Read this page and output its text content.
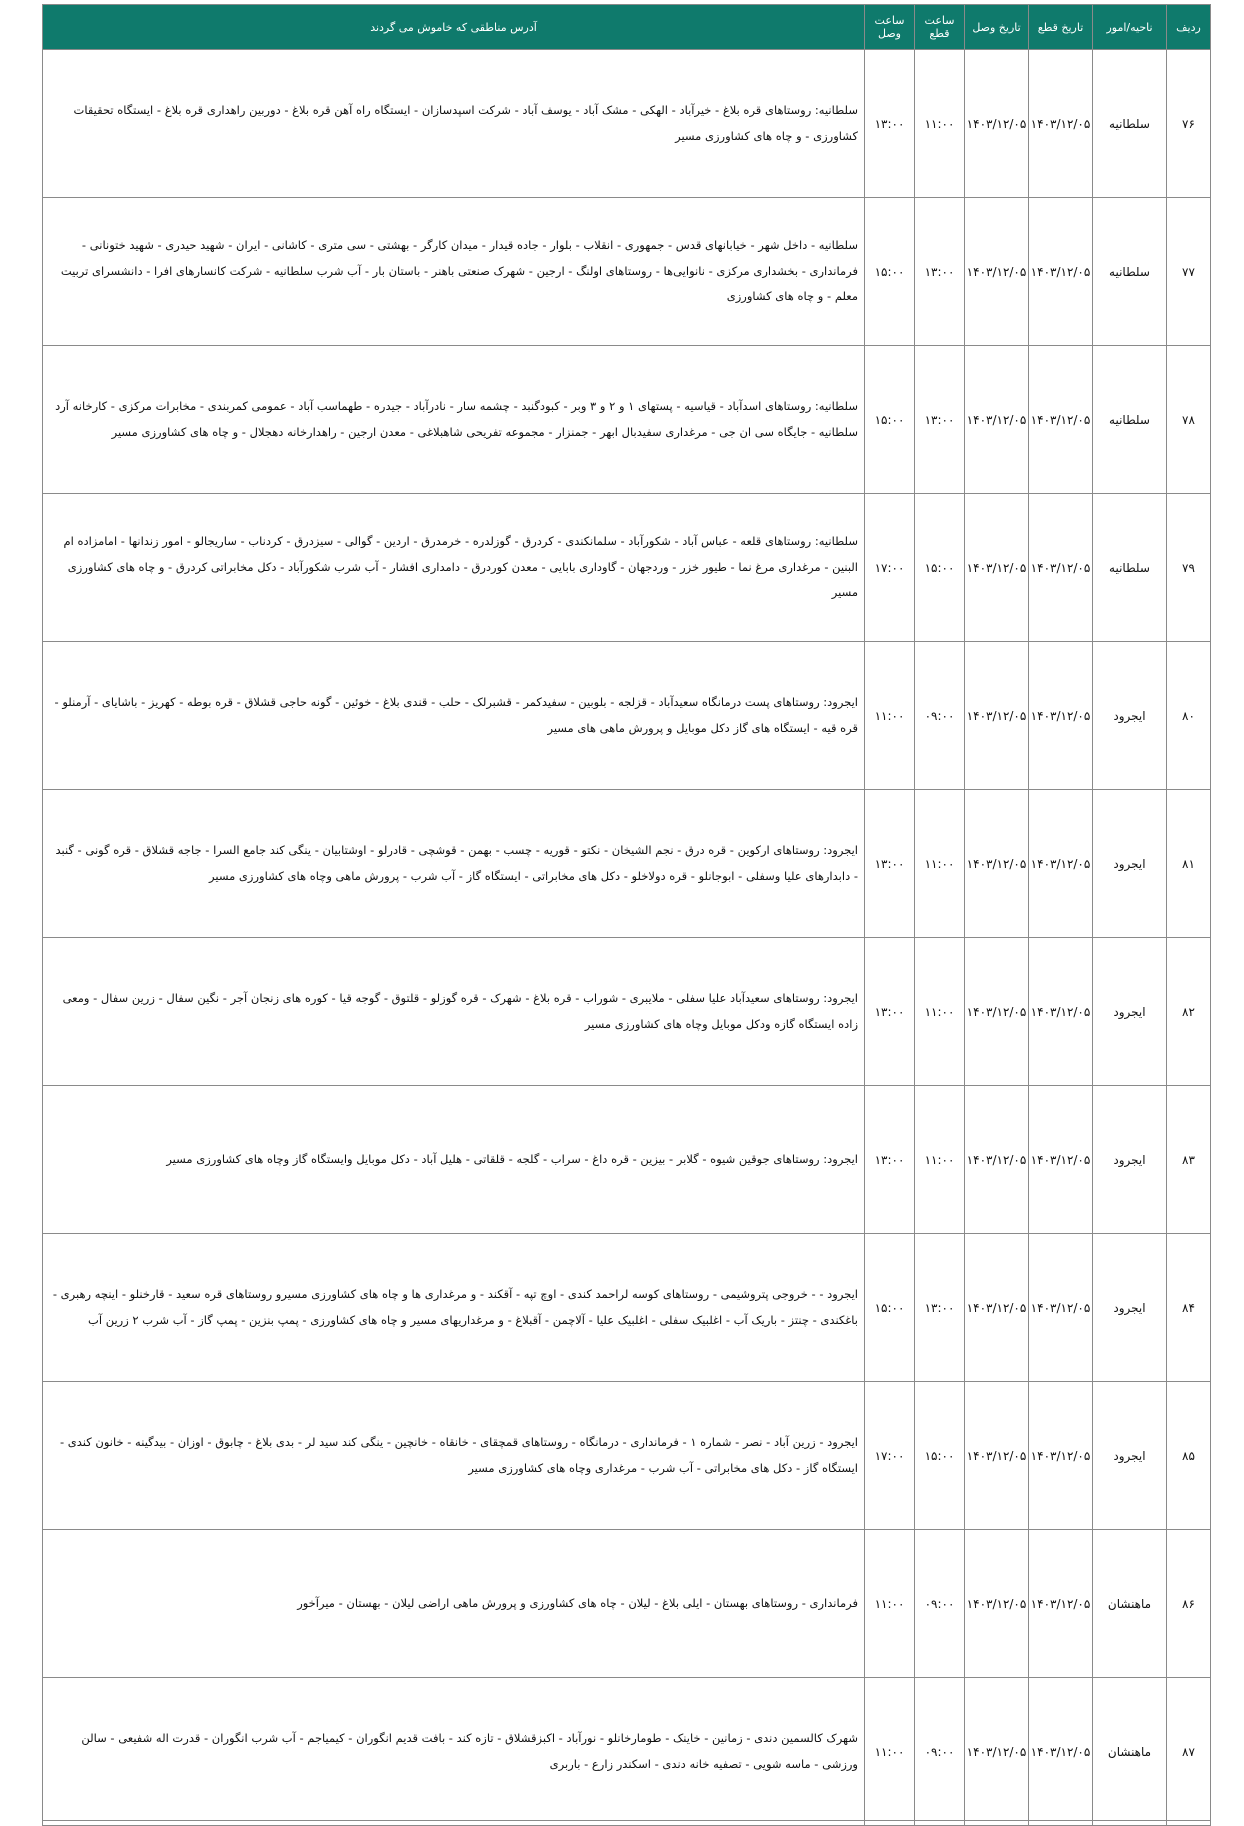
ردیف	ناحیه/امور	تاریخ قطع	تاریخ وصل	ساعت قطع	ساعت وصل	آدرس مناطقی که خاموش می گردند
۷۶	سلطانیه	۱۴۰۳/۱۲/۰۵	۱۴۰۳/۱۲/۰۵	۱۱:۰۰	۱۳:۰۰	سلطانیه: روستاهای قره بلاغ - خیرآباد - الهکی - مشک آباد - یوسف آباد - شرکت اسپدسازان - ایستگاه راه آهن قره بلاغ - دوربین راهداری قره بلاغ - ایستگاه تحقیقات کشاورزی - و چاه های کشاورزی مسیر
۷۷	سلطانیه	۱۴۰۳/۱۲/۰۵	۱۴۰۳/۱۲/۰۵	۱۳:۰۰	۱۵:۰۰	سلطانیه - داخل شهر - خیابانهای قدس - جمهوری - انقلاب - بلوار - جاده قیدار - میدان کارگر - بهشتی - سی متری - کاشانی - ایران - شهید حیدری - شهید ختونانی - فرمانداری - بخشداری مرکزی - نانوایی‌ها - روستاهای اولنگ - ارجین - شهرک صنعتی باهنر - باستان بار - آب شرب سلطانیه - شرکت کانسارهای افرا - دانشسرای تربیت معلم - و چاه های کشاورزی
۷۸	سلطانیه	۱۴۰۳/۱۲/۰۵	۱۴۰۳/۱۲/۰۵	۱۳:۰۰	۱۵:۰۰	سلطانیه: روستاهای اسدآباد - قیاسیه - پستهای ۱ و ۲ و ۳ وبر - کبودگنبد - چشمه سار - نادرآباد - جیدره - طهماسب آباد - عمومی کمربندی - مخابرات مرکزی - کارخانه آرد سلطانیه - جایگاه سی ان جی - مرغداری سفیدبال ابهر - جمنزار - مجموعه تفریحی شاهبلاغی - معدن ارجین - راهدارخانه دهجلال - و چاه های کشاورزی مسیر
۷۹	سلطانیه	۱۴۰۳/۱۲/۰۵	۱۴۰۳/۱۲/۰۵	۱۵:۰۰	۱۷:۰۰	سلطانیه: روستاهای قلعه - عباس آباد - شکورآباد - سلمانکندی - کردرق - گوزلدره - خرمدرق - اردین - گوالی - سیزدرق - کردناب - ساریجالو - امور زندانها - امامزاده ام البنین - مرغداری مرغ نما - طیور خزر - وردجهان - گاوداری بابایی - معدن کوردرق - دامداری افشار - آب شرب شکورآباد - دکل مخابراتی کردرق - و چاه های کشاورزی مسیر
۸۰	ایجرود	۱۴۰۳/۱۲/۰۵	۱۴۰۳/۱۲/۰۵	۰۹:۰۰	۱۱:۰۰	ایجرود: روستاهای پست درمانگاه سعیدآباد - قزلجه - بلوبین - سفیدکمر - قشبرلک - حلب - قندی بلاغ - خوئین - گونه حاجی قشلاق - قره بوطه - کهریز - باشایای - آرمنلو - قره قیه - ایستگاه های گاز دکل موبایل و پرورش ماهی های مسیر
۸۱	ایجرود	۱۴۰۳/۱۲/۰۵	۱۴۰۳/۱۲/۰۵	۱۱:۰۰	۱۳:۰۰	ایجرود: روستاهای ارکوین - قره درق - نجم الشیخان - نکتو - قوریه - چسب - بهمن - قوشچی - قادرلو - اوشتابیان - ینگی کند جامع السرا - جاجه قشلاق - قره گونی - گنبد - دابدارهای علیا وسفلی - ابوجانلو - قره دولاخلو - دکل های مخابراتی - ایستگاه گاز - آب شرب - پرورش ماهی وچاه های کشاورزی مسیر
۸۲	ایجرود	۱۴۰۳/۱۲/۰۵	۱۴۰۳/۱۲/۰۵	۱۱:۰۰	۱۳:۰۰	ایجرود: روستاهای سعیدآباد علیا سفلی - ملایبری - شوراب - قره بلاغ - شهرک - قره گوزلو - قلتوق - گوجه قیا - کوره های زنجان آجر - نگین سفال - زرین سفال - ومعی زاده ایستگاه گازه ودکل موبایل وچاه های کشاورزی مسیر
۸۳	ایجرود	۱۴۰۳/۱۲/۰۵	۱۴۰۳/۱۲/۰۵	۱۱:۰۰	۱۳:۰۰	ایجرود: روستاهای جوقین شیوه - گلابر - بیزین - قره داغ - سراب - گلجه - قلقاتی - هلیل آباد - دکل موبایل وایستگاه گاز وچاه های کشاورزی مسیر
۸۴	ایجرود	۱۴۰۳/۱۲/۰۵	۱۴۰۳/۱۲/۰۵	۱۳:۰۰	۱۵:۰۰	ایجرود - - خروجی پتروشیمی - روستاهای کوسه لراحمد کندی - اوچ تپه - آقکند - و مرغداری ها و چاه های کشاورزی مسیرو روستاهای قره سعید - قارخنلو - اینچه رهبری - باغکندی - چنتز - باریک آب - اغلبیک سفلی - اغلبیک علیا - آلاچمن - آقبلاغ - و مرغداریهای مسیر و چاه های کشاورزی - پمپ بنزین - پمپ گاز - آب شرب ۲ زرین آب
۸۵	ایجرود	۱۴۰۳/۱۲/۰۵	۱۴۰۳/۱۲/۰۵	۱۵:۰۰	۱۷:۰۰	ایجرود - زرین آباد - نصر - شماره ۱ - فرمانداری - درمانگاه - روستاهای قمچقای - خانقاه - خانچین - ینگی کند سید لر - بدی بلاغ - چابوق - اوزان - بیدگینه - خانون کندی - ایستگاه گاز - دکل های مخابراتی - آب شرب - مرغداری وچاه های کشاورزی مسیر
۸۶	ماهنشان	۱۴۰۳/۱۲/۰۵	۱۴۰۳/۱۲/۰۵	۰۹:۰۰	۱۱:۰۰	فرمانداری - روستاهای بهستان - ایلی بلاغ - لیلان - چاه های کشاورزی و پرورش ماهی اراضی لیلان - بهستان - میرآخور
۸۷	ماهنشان	۱۴۰۳/۱۲/۰۵	۱۴۰۳/۱۲/۰۵	۰۹:۰۰	۱۱:۰۰	شهرک کالسمین دندی - زمانین - خاینک - طومارخانلو - نورآباد - اکبزقشلاق - تازه کند - بافت قدیم انگوران - کیمیاجم - آب شرب انگوران - قدرت اله شفیعی - سالن ورزشی - ماسه شویی - تصفیه خانه دندی - اسکندر زارع - باربری
